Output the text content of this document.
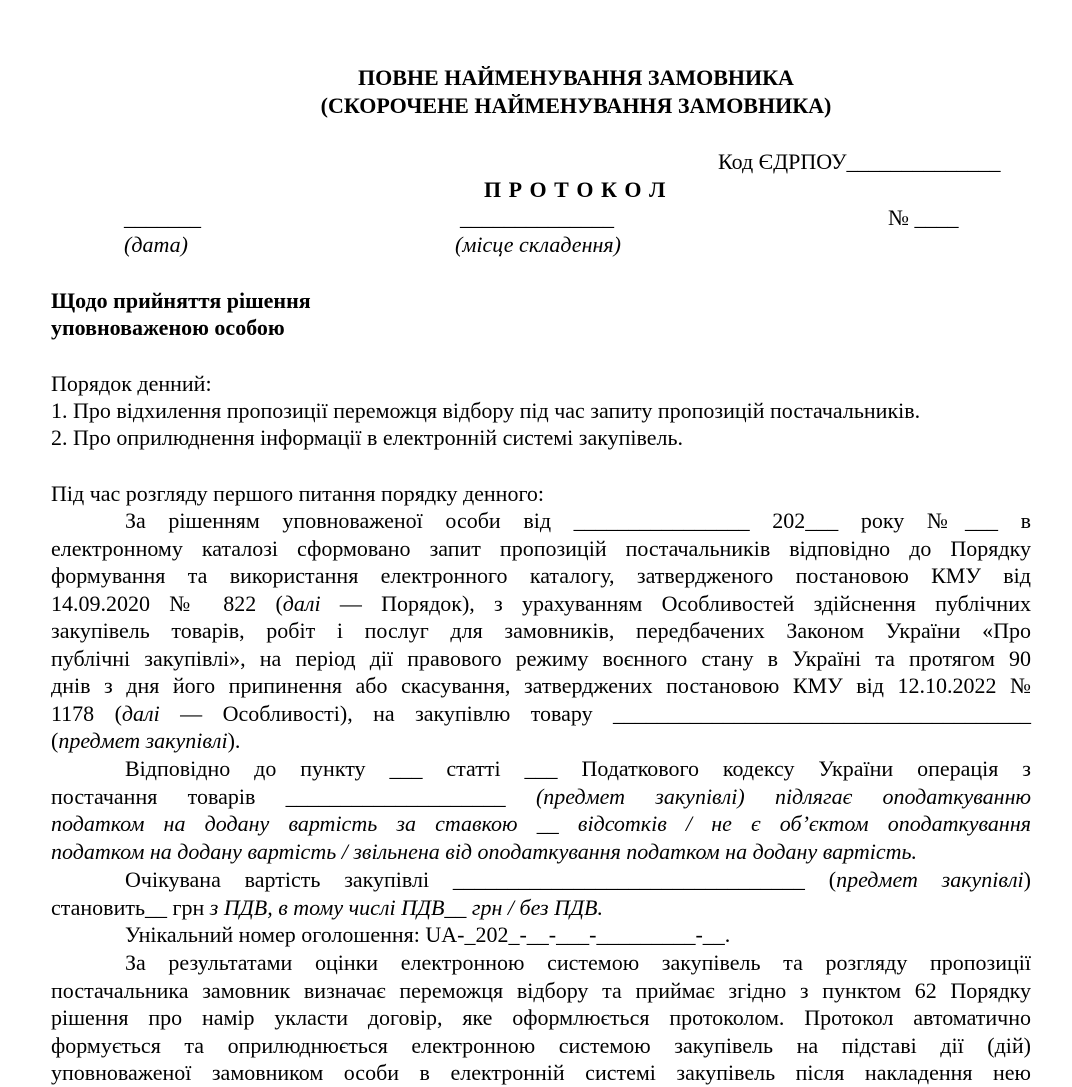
ПОВНЕ НАЙМЕНУВАННЯ ЗАМОВНИКА
(СКОРОЧЕНЕ НАЙМЕНУВАННЯ ЗАМОВНИКА)
Код ЄДРПОУ______________
П Р О Т О К О Л
_______	______________	№ ____
(дата)	(місце складення)
Щодо прийняття рішення
уповноваженою особою
Порядок денний:
1. Про відхилення пропозиції переможця відбору під час запиту пропозицій постачальників.
2. Про оприлюднення інформації в електронній системі закупівель.
Під час розгляду першого питання порядку денного:
За рішенням уповноваженої особи від ________________ 202___ року №___ в
електронному каталозі сформовано запит пропозицій постачальників відповідно до Порядку
формування та використання електронного каталогу, затвердженого постановою КМУ від
14.09.2020 № 822 (далі — Порядок), з урахуванням Особливостей здійснення публічних
закупівель товарів, робіт і послуг для замовників, передбачених Законом України «Про
публічні закупівлі», на період дії правового режиму воєнного стану в Україні та протягом 90
днів з дня його припинення або скасування, затверджених постановою КМУ від 12.10.2022 №
1178 (далі — Особливості), на закупівлю товару ______________________________________
(предмет закупівлі).
Відповідно до пункту ___ статті ___ Податкового кодексу України операція з
постачання товарів ____________________ (предмет закупівлі) підлягає оподаткуванню
податком на додану вартість за ставкою __ відсотків / не є об’єктом оподаткування
податком на додану вартість / звільнена від оподаткування податком на додану вартість.
Очікувана вартість закупівлі ________________________________ (предмет закупівлі)
становить__ грн з ПДВ, в тому числі ПДВ__ грн / без ПДВ.
Унікальний номер оголошення: UA-_202_-__-___-_________-__.
За результатами оцінки електронною системою закупівель та розгляду пропозиції
постачальника замовник визначає переможця відбору та приймає згідно з пунктом 62 Порядку
рішення про намір укласти договір, яке оформлюється протоколом. Протокол автоматично
формується та оприлюднюється електронною системою закупівель на підставі дії (дій)
уповноваженої замовником особи в електронній системі закупівель після накладення нею
